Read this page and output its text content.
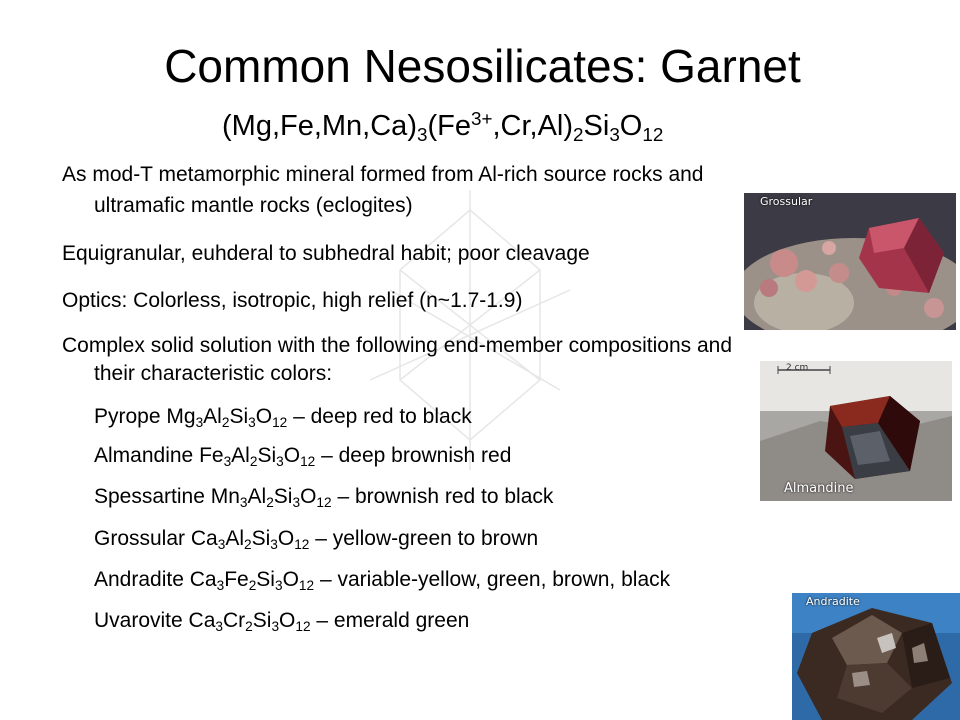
Common Nesosilicates: Garnet
$(Mg,Fe,Mn,Ca)_3(Fe^{3+},Cr,Al)_2Si_3O_{12}$
As mod-T metamorphic mineral formed from Al-rich source rocks and
ultramafic mantle rocks (eclogites)
Equigranular, euhderal to subhedral habit; poor cleavage
Optics: Colorless, isotropic, high relief (n~1.7-1.9)
Complex solid solution with the following end-member compositions and
their characteristic colors:
Pyrope $Mg_3Al_2Si_3O_{12}$ – deep red to black
Almandine $Fe_3Al_2Si_3O_{12}$ – deep brownish red
Spessartine $Mn_3Al_2Si_3O_{12}$ – brownish red to black
Grossular $Ca_3Al_2Si_3O_{12}$ – yellow-green to brown
Andradite $Ca_3Fe_2Si_3O_{12}$ – variable-yellow, green, brown, black
Uvarovite $Ca_3Cr_2Si_3O_{12}$ – emerald green
Grossular
2 cm
Almandine
Andradite
